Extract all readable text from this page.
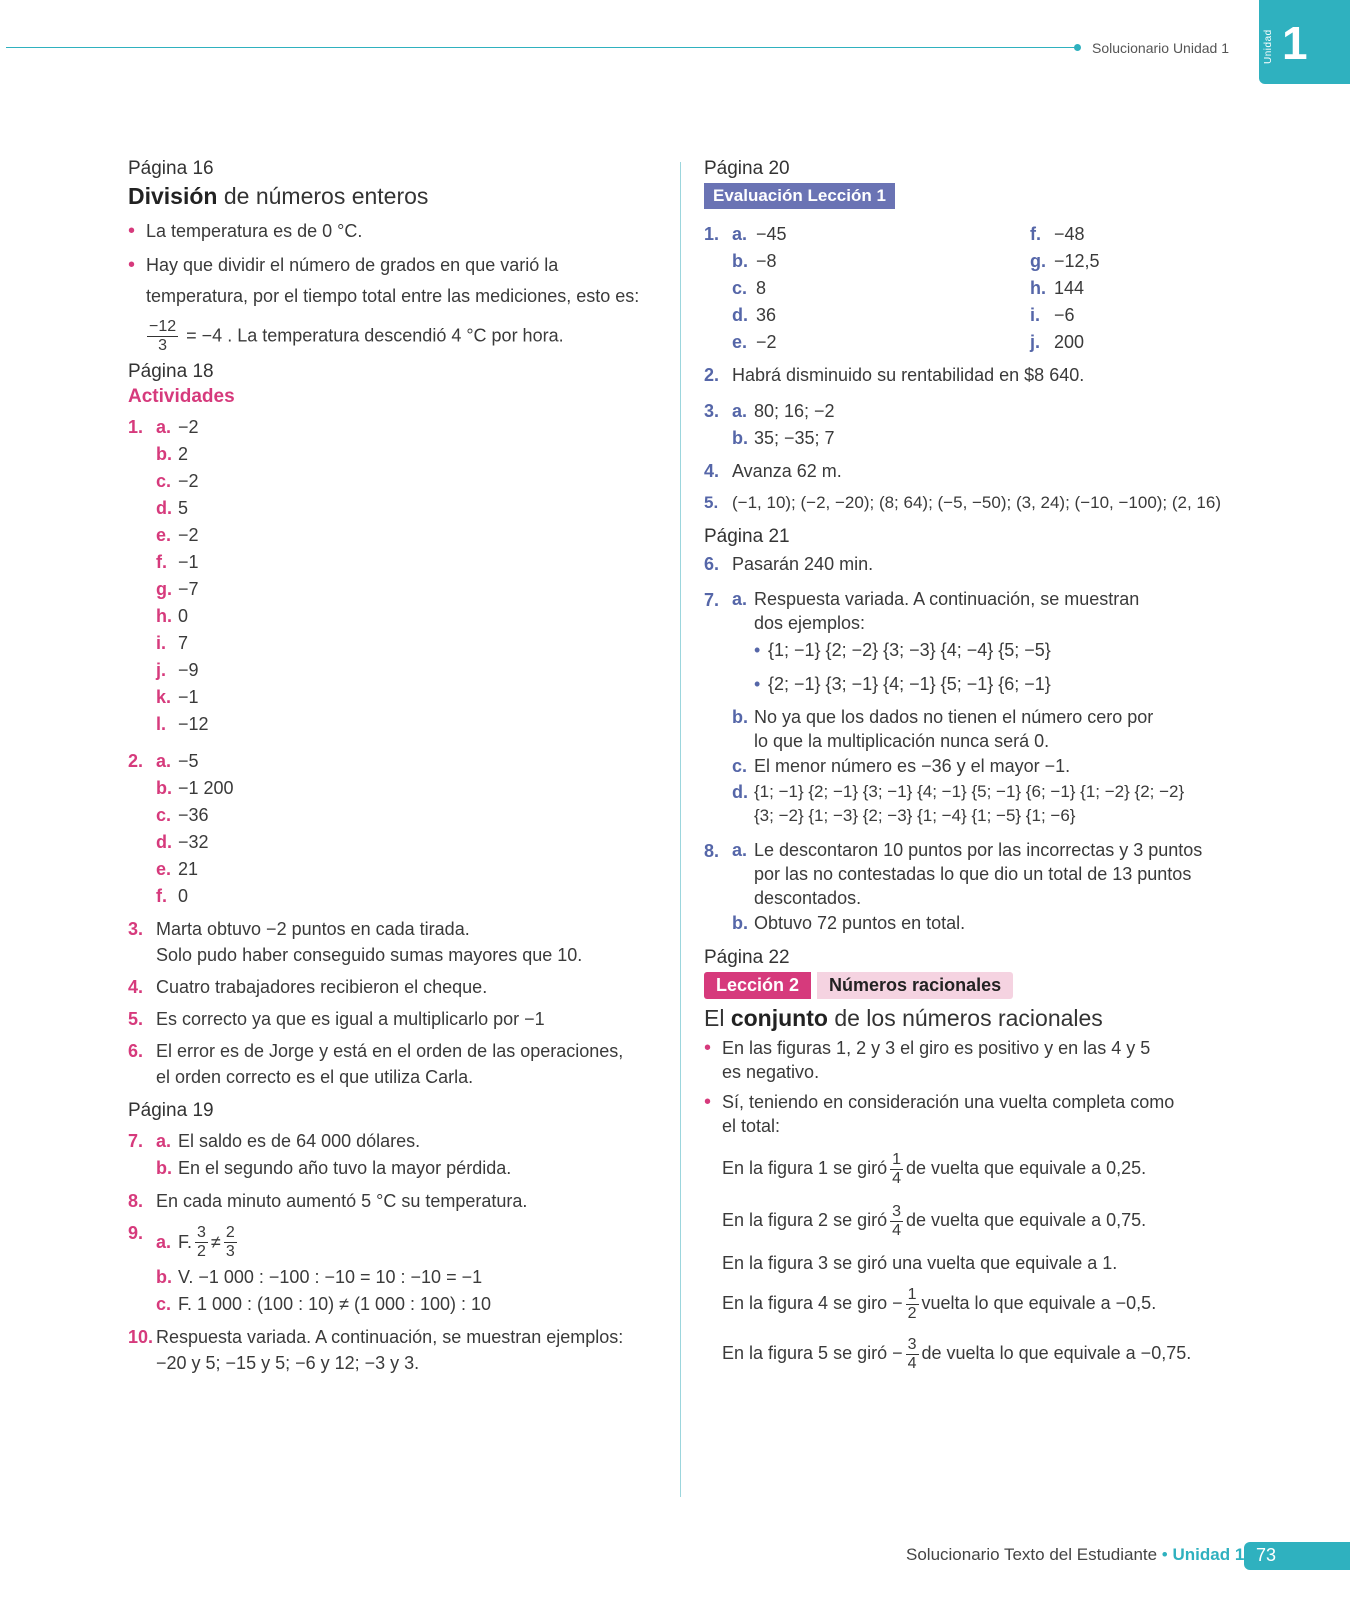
Solucionario Unidad 1	Unidad 1
Página 16
División de números enteros
• La temperatura es de 0 °C.
• Hay que dividir el número de grados en que varió la temperatura, por el tiempo total entre las mediciones, esto es:
$\frac{-12}{3} = -4$ . La temperatura descendió 4 °C por hora.
Página 18
Actividades
1. a. −2
b. 2
c. −2
d. 5
e. −2
f. −1
g. −7
h. 0
i. 7
j. −9
k. −1
l. −12
2. a. −5
b. −1 200
c. −36
d. −32
e. 21
f. 0
3. Marta obtuvo −2 puntos en cada tirada.
Solo pudo haber conseguido sumas mayores que 10.
4. Cuatro trabajadores recibieron el cheque.
5. Es correcto ya que es igual a multiplicarlo por −1
6. El error es de Jorge y está en el orden de las operaciones,
el orden correcto es el que utiliza Carla.
Página 19
7. a. El saldo es de 64 000 dólares.
b. En el segundo año tuvo la mayor pérdida.
8. En cada minuto aumentó 5 °C su temperatura.
9. a. F. $\frac{3}{2} \ne \frac{2}{3}$
b. V. −1 000 : −100 : −10 = 10 : −10 = −1
c. F. 1 000 : (100 : 10) ≠ (1 000 : 100) : 10
10. Respuesta variada. A continuación, se muestran ejemplos:
−20 y 5; −15 y 5; −6 y 12; −3 y 3.
Página 20
Evaluación Lección 1
1. a. −45	f. −48
b. −8	g. −12,5
c. 8	h. 144
d. 36	i. −6
e. −2	j. 200
2. Habrá disminuido su rentabilidad en $8 640.
3. a. 80; 16; −2
b. 35; −35; 7
4. Avanza 62 m.
5. (−1, 10); (−2, −20); (8; 64); (−5, −50); (3, 24); (−10, −100); (2, 16)
Página 21
6. Pasarán 240 min.
7. a. Respuesta variada. A continuación, se muestran
dos ejemplos:
• {1; −1} {2; −2} {3; −3} {4; −4} {5; −5}
• {2; −1} {3; −1} {4; −1} {5; −1} {6; −1}
b. No ya que los dados no tienen el número cero por
lo que la multiplicación nunca será 0.
c. El menor número es −36 y el mayor −1.
d. {1; −1} {2; −1} {3; −1} {4; −1} {5; −1} {6; −1} {1; −2} {2; −2}
{3; −2} {1; −3} {2; −3} {1; −4} {1; −5} {1; −6}
8. a. Le descontaron 10 puntos por las incorrectas y 3 puntos
por las no contestadas lo que dio un total de 13 puntos
descontados.
b. Obtuvo 72 puntos en total.
Página 22
Lección 2	Números racionales
El conjunto de los números racionales
• En las figuras 1, 2 y 3 el giro es positivo y en las 4 y 5
es negativo.
• Sí, teniendo en consideración una vuelta completa como
el total:
En la figura 1 se giró $\frac{1}{4}$ de vuelta que equivale a 0,25.
En la figura 2 se giró $\frac{3}{4}$ de vuelta que equivale a 0,75.
En la figura 3 se giró una vuelta que equivale a 1.
En la figura 4 se giro − $\frac{1}{2}$ vuelta lo que equivale a −0,5.
En la figura 5 se giró − $\frac{3}{4}$ de vuelta lo que equivale a −0,75.
Solucionario Texto del Estudiante • Unidad 1 73
